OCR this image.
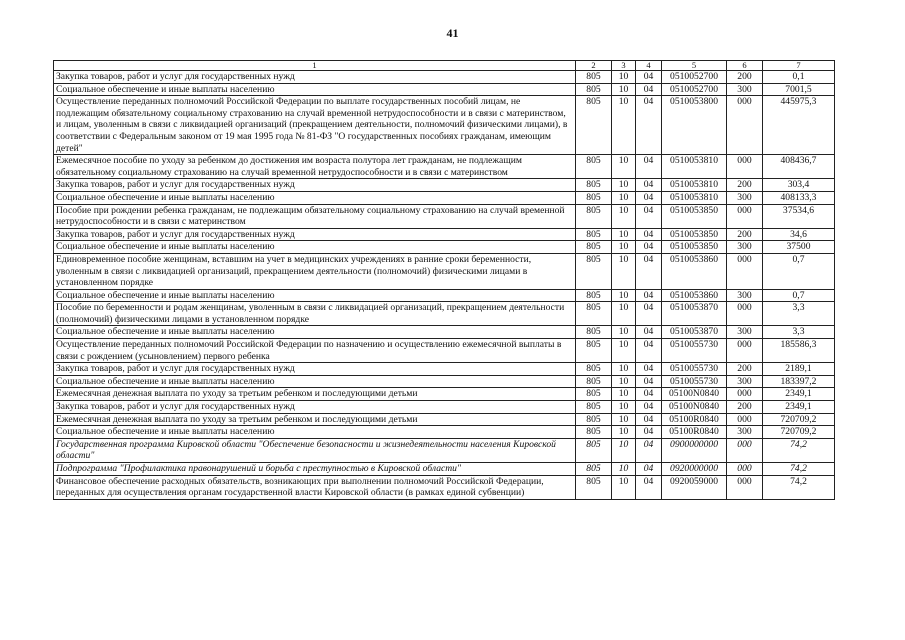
41
1	2	3	4	5	6	7
Закупка товаров, работ и услуг для государственных нужд	805	10	04	0510052700	200	0,1
Социальное обеспечение и иные выплаты населению	805	10	04	0510052700	300	7001,5
Осуществление переданных полномочий Российской Федерации по выплате государственных пособий лицам, не подлежащим обязательному социальному страхованию на случай временной нетрудоспособности и в связи с материнством, и лицам, уволенным в связи с ликвидацией организаций (прекращением деятельности, полномочий физическими лицами), в соответствии с Федеральным законом от 19 мая 1995 года № 81-ФЗ "О государственных пособиях гражданам, имеющим детей"	805	10	04	0510053800	000	445975,3
Ежемесячное пособие по уходу за ребенком до достижения им возраста полутора лет гражданам, не подлежащим обязательному социальному страхованию на случай временной нетрудоспособности и в связи с материнством	805	10	04	0510053810	000	408436,7
Закупка товаров, работ и услуг для государственных нужд	805	10	04	0510053810	200	303,4
Социальное обеспечение и иные выплаты населению	805	10	04	0510053810	300	408133,3
Пособие при рождении ребенка гражданам, не подлежащим обязательному социальному страхованию на случай временной нетрудоспособности и в связи с материнством	805	10	04	0510053850	000	37534,6
Закупка товаров, работ и услуг для государственных нужд	805	10	04	0510053850	200	34,6
Социальное обеспечение и иные выплаты населению	805	10	04	0510053850	300	37500
Единовременное пособие женщинам, вставшим на учет в медицинских учреждениях в ранние сроки беременности, уволенным в связи с ликвидацией организаций, прекращением деятельности (полномочий) физическими лицами в установленном порядке	805	10	04	0510053860	000	0,7
Социальное обеспечение и иные выплаты населению	805	10	04	0510053860	300	0,7
Пособие по беременности и родам женщинам, уволенным в связи с ликвидацией организаций, прекращением деятельности (полномочий) физическими лицами в установленном порядке	805	10	04	0510053870	000	3,3
Социальное обеспечение и иные выплаты населению	805	10	04	0510053870	300	3,3
Осуществление переданных полномочий Российской Федерации по назначению и осуществлению ежемесячной выплаты в связи с рождением (усыновлением) первого ребенка	805	10	04	0510055730	000	185586,3
Закупка товаров, работ и услуг для государственных нужд	805	10	04	0510055730	200	2189,1
Социальное обеспечение и иные выплаты населению	805	10	04	0510055730	300	183397,2
Ежемесячная денежная выплата по уходу за третьим ребенком и последующими детьми	805	10	04	05100N0840	000	2349,1
Закупка товаров, работ и услуг для государственных нужд	805	10	04	05100N0840	200	2349,1
Ежемесячная денежная выплата по уходу за третьим ребенком и последующими детьми	805	10	04	05100R0840	000	720709,2
Социальное обеспечение и иные выплаты населению	805	10	04	05100R0840	300	720709,2
Государственная программа Кировской области "Обеспечение безопасности и жизнедеятельности населения Кировской области"	805	10	04	0900000000	000	74,2
Подпрограмма "Профилактика правонарушений и борьба с преступностью в Кировской области"	805	10	04	0920000000	000	74,2
Финансовое обеспечение расходных обязательств, возникающих при выполнении полномочий Российской Федерации, переданных для осуществления органам государственной власти Кировской области (в рамках единой субвенции)	805	10	04	0920059000	000	74,2
